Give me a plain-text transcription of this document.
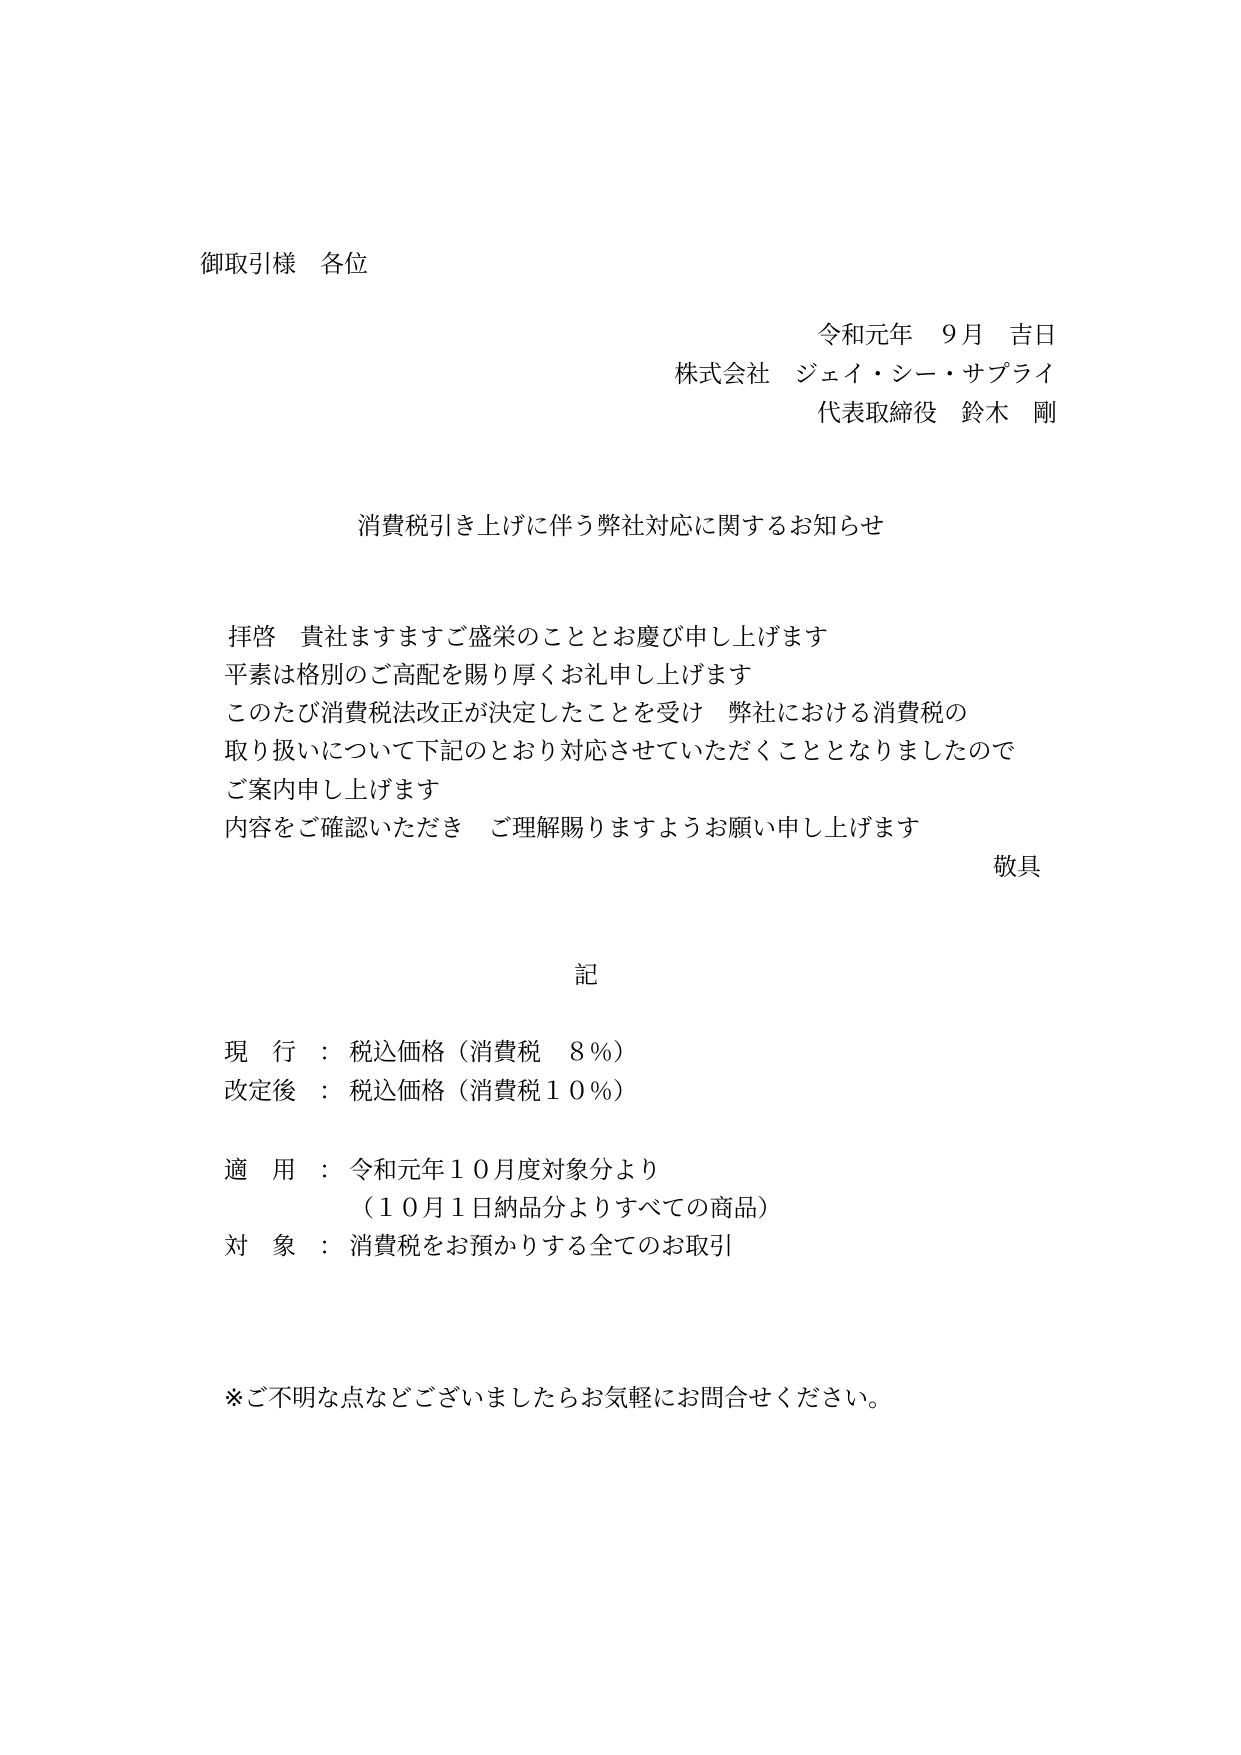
御取引様　各位
令和元年　９月　吉日
株式会社　ジェイ・シー・サプライ
代表取締役　鈴木　剛
消費税引き上げに伴う弊社対応に関するお知らせ
拝啓　貴社ますますご盛栄のこととお慶び申し上げます
平素は格別のご高配を賜り厚くお礼申し上げます
このたび消費税法改正が決定したことを受け　弊社における消費税の
取り扱いについて下記のとおり対応させていただくこととなりましたので
ご案内申し上げます
内容をご確認いただき　ご理解賜りますようお願い申し上げます
敬具
記

現　行

：

税込価格（消費税　８％）

改定後

：

税込価格（消費税１０％）

適　用

：

令和元年１０月度対象分より

（１０月１日納品分よりすべての商品）

対　象

：

消費税をお預かりする全てのお取引

※ご不明な点などございましたらお気軽にお問合せください。
